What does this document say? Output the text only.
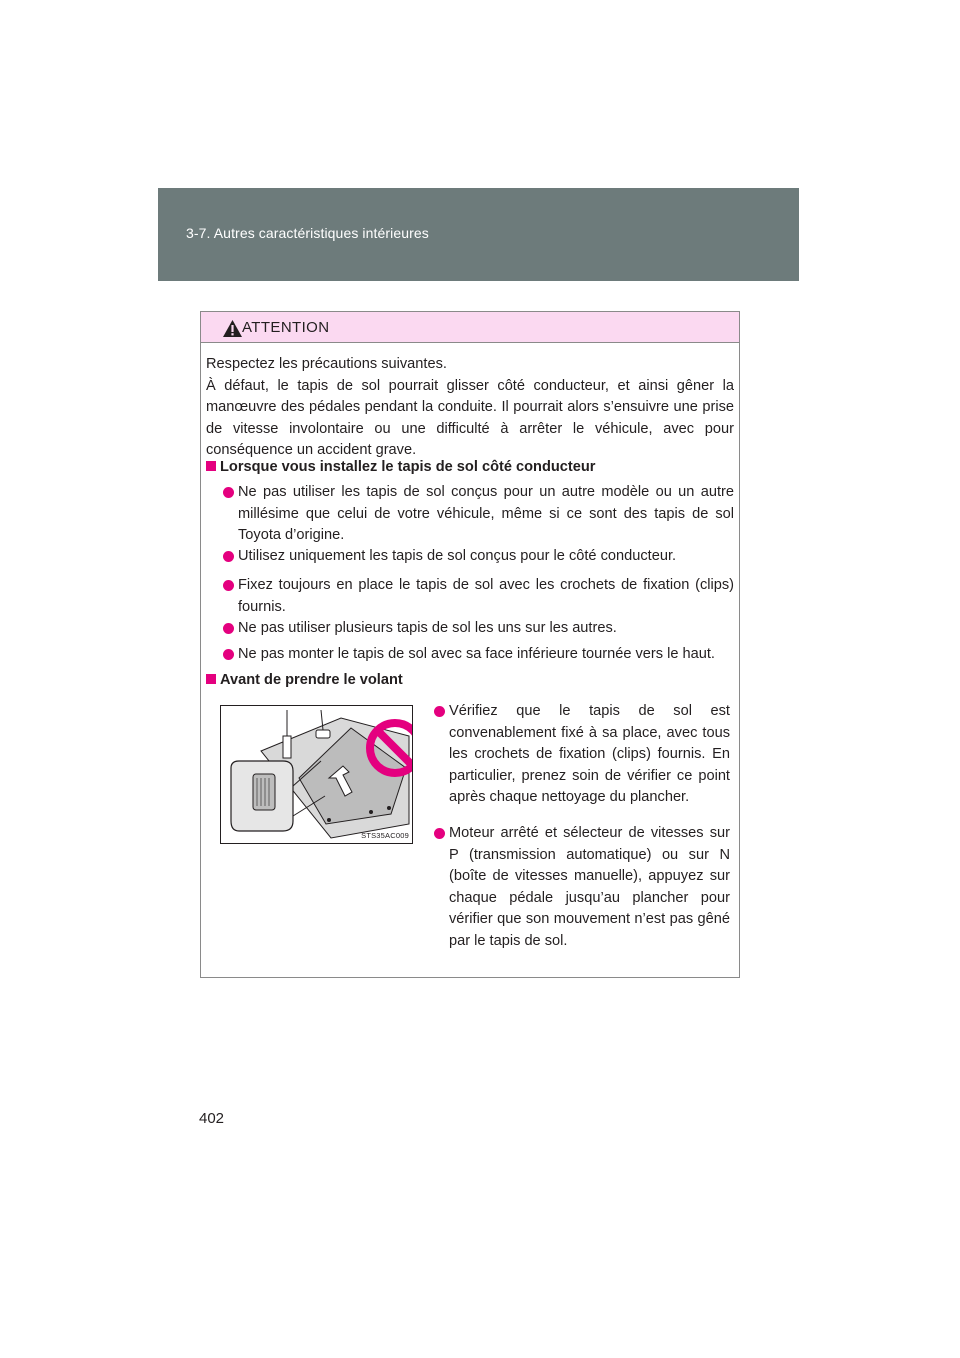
3-7. Autres caractéristiques intérieures
ATTENTION
Respectez les précautions suivantes.
À défaut, le tapis de sol pourrait glisser côté conducteur, et ainsi gêner la manœuvre des pédales pendant la conduite. Il pourrait alors s’ensuivre une prise de vitesse involontaire ou une difficulté à arrêter le véhicule, avec pour conséquence un accident grave.
Lorsque vous installez le tapis de sol côté conducteur
Ne pas utiliser les tapis de sol conçus pour un autre modèle ou un autre millésime que celui de votre véhicule, même si ce sont des tapis de sol Toyota d’origine.
Utilisez uniquement les tapis de sol conçus pour le côté conducteur.
Fixez toujours en place le tapis de sol avec les crochets de fixation (clips) fournis.
Ne pas utiliser plusieurs tapis de sol les uns sur les autres.
Ne pas monter le tapis de sol avec sa face inférieure tournée vers le haut.
Avant de prendre le volant
STS35AC009
Vérifiez que le tapis de sol est convenablement fixé à sa place, avec tous les crochets de fixation (clips) fournis. En particulier, prenez soin de vérifier ce point après chaque nettoyage du plancher.
Moteur arrêté et sélecteur de vitesses sur P (transmission automatique) ou sur N (boîte de vitesses manuelle), appuyez sur chaque pédale jusqu’au plancher pour vérifier que son mouvement n’est pas gêné par le tapis de sol.
402
